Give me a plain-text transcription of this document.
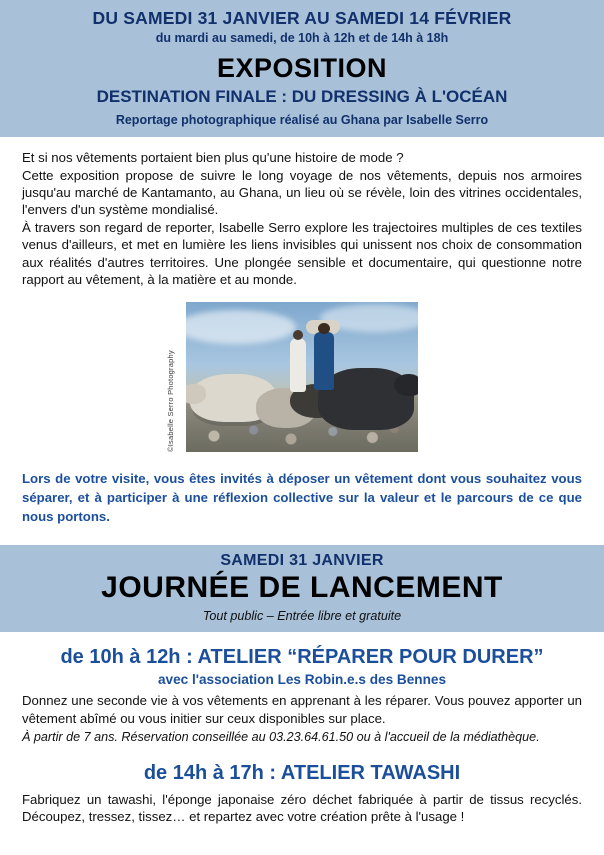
DU SAMEDI 31 JANVIER AU SAMEDI 14 FÉVRIER
du mardi au samedi, de 10h à 12h et de 14h à 18h
EXPOSITION
DESTINATION FINALE : DU DRESSING À L'OCÉAN
Reportage photographique réalisé au Ghana par Isabelle Serro

Et si nos vêtements portaient bien plus qu'une histoire de mode ?

Cette exposition propose de suivre le long voyage de nos vêtements, depuis nos armoires jusqu'au marché de Kantamanto, au Ghana, un lieu où se révèle, loin des vitrines occidentales, l'envers d'un système mondialisé.

À travers son regard de reporter, Isabelle Serro explore les trajectoires multiples de ces textiles venus d'ailleurs, et met en lumière les liens invisibles qui unissent nos choix de consommation aux réalités d'autres territoires. Une plongée sensible et documentaire, qui questionne notre rapport au vêtement, à la matière et au monde.

©Isabelle Serro Photography
Lors de votre visite, vous êtes invités à déposer un vêtement dont vous souhaitez vous séparer, et à participer à une réflexion collective sur la valeur et le parcours de ce que nous portons.
SAMEDI 31 JANVIER
JOURNÉE DE LANCEMENT
Tout public – Entrée libre et gratuite
de 10h à 12h : ATELIER “RÉPARER POUR DURER”
avec l'association Les Robin.e.s des Bennes
Donnez une seconde vie à vos vêtements en apprenant à les réparer. Vous pouvez apporter un vêtement abîmé ou vous initier sur ceux disponibles sur place.
À partir de 7 ans. Réservation conseillée au 03.23.64.61.50 ou à l'accueil de la médiathèque.
de 14h à 17h : ATELIER TAWASHI
Fabriquez un tawashi, l'éponge japonaise zéro déchet fabriquée à partir de tissus recyclés. Découpez, tressez, tissez… et repartez avec votre création prête à l'usage !
